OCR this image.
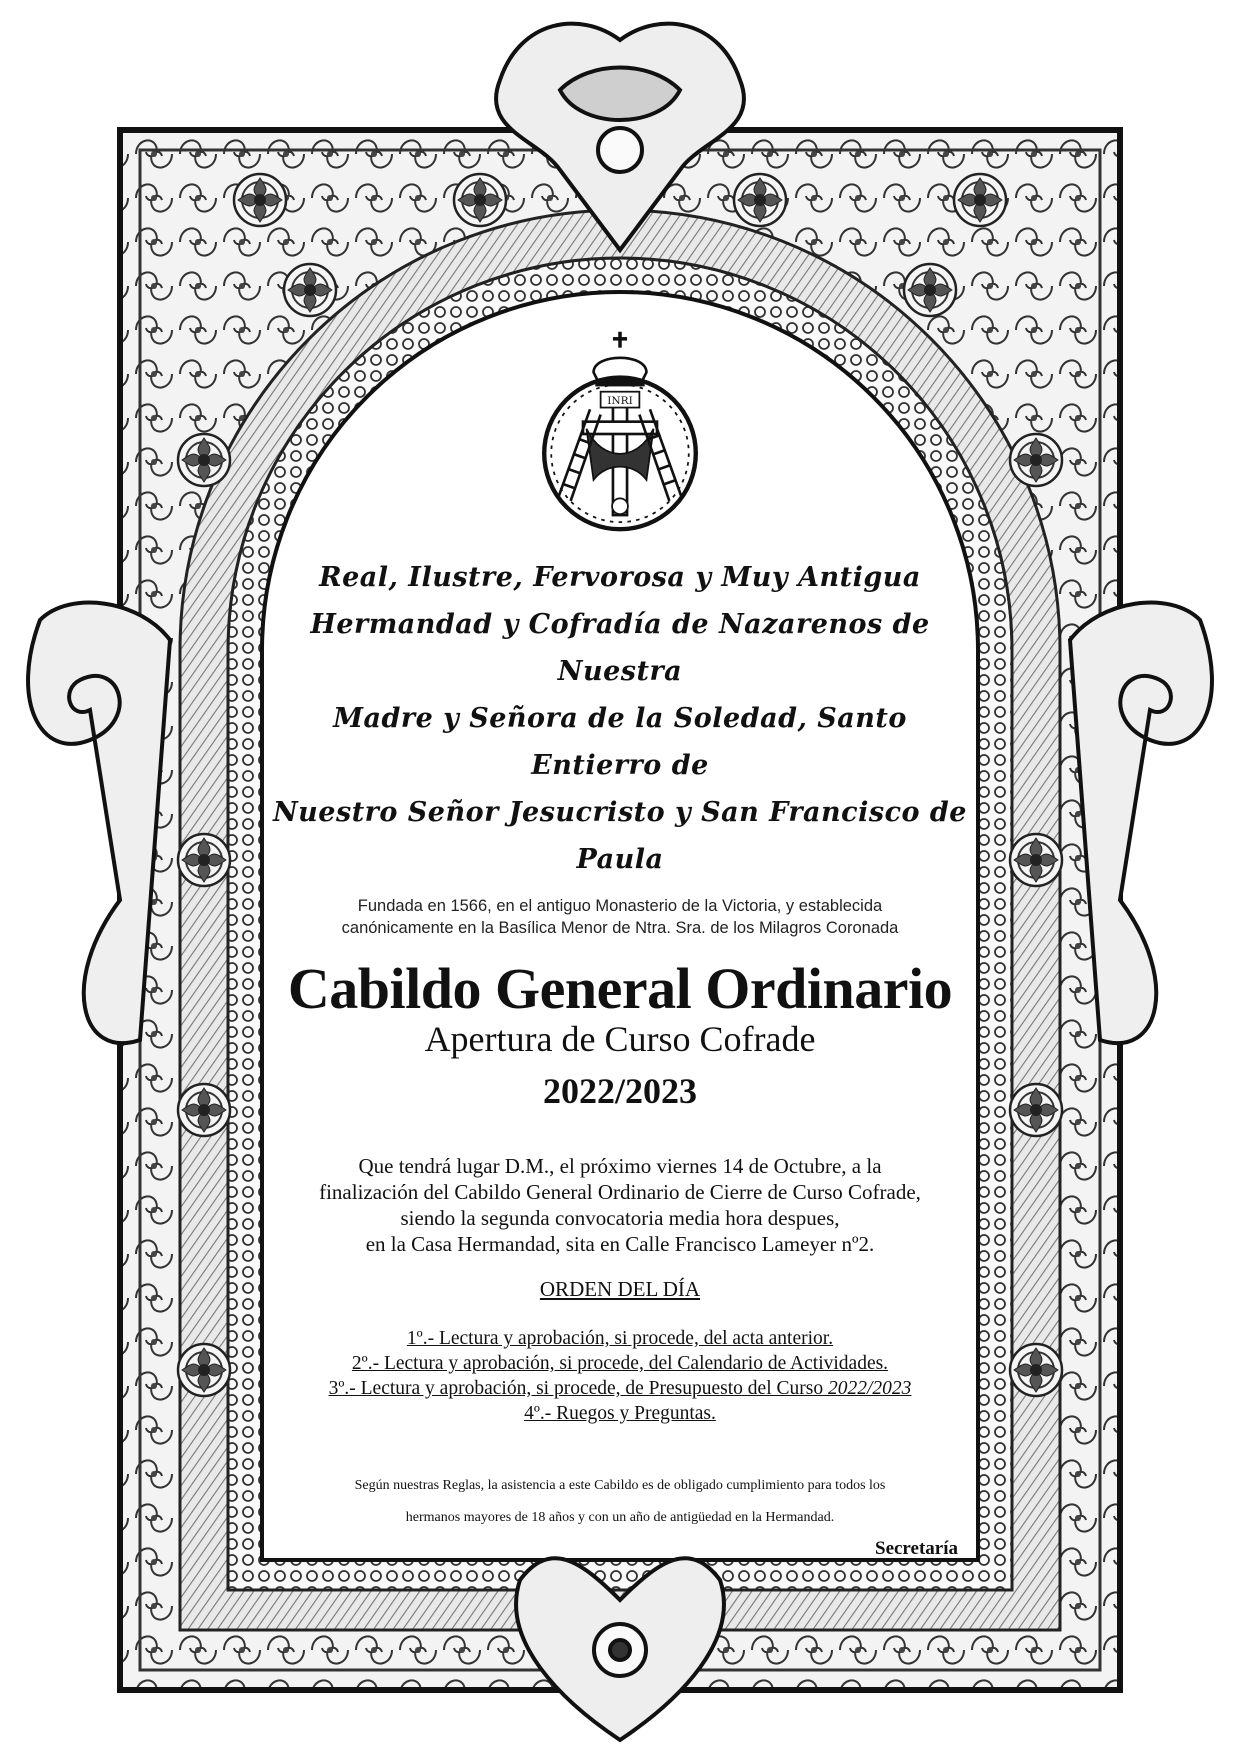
INRI
Real, Ilustre, Fervorosa y Muy Antigua
Hermandad y Cofradía de Nazarenos de Nuestra
Madre y Señora de la Soledad, Santo Entierro de
Nuestro Señor Jesucristo y San Francisco de Paula
Fundada en 1566, en el antiguo Monasterio de la Victoria, y establecida
canónicamente en la Basílica Menor de Ntra. Sra. de los Milagros Coronada
Cabildo General Ordinario
Apertura de Curso Cofrade
2022/2023
Que tendrá lugar D.M., el próximo viernes 14 de Octubre, a la
finalización del Cabildo General Ordinario de Cierre de Curso Cofrade,
siendo la segunda convocatoria media hora despues,
en la Casa Hermandad, sita en Calle Francisco Lameyer nº2.
ORDEN DEL DÍA
1º.- Lectura y aprobación, si procede, del acta anterior.
2º.- Lectura y aprobación, si procede, del Calendario de Actividades.
3º.- Lectura y aprobación, si procede, de Presupuesto del Curso 2022/2023
4º.- Ruegos y Preguntas.
Según nuestras Reglas, la asistencia a este Cabildo es de obligado cumplimiento para todos los
hermanos mayores de 18 años y con un año de antigüedad en la Hermandad.
Secretaría
